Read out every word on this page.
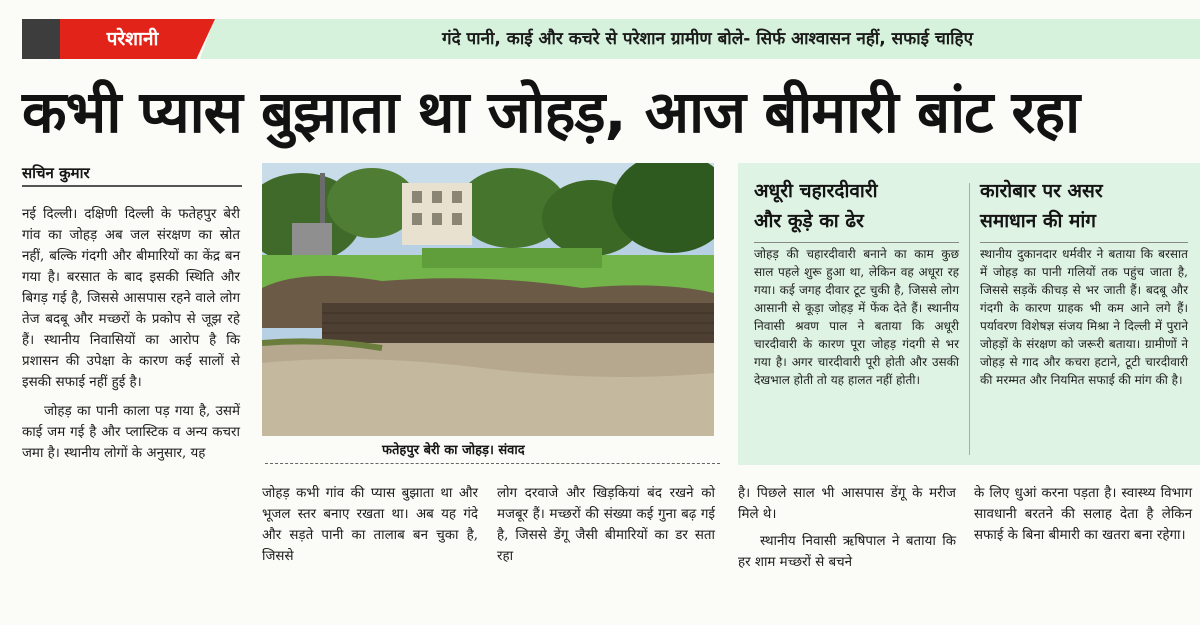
परेशानी	गंदे पानी, काई और कचरे से परेशान ग्रामीण बोले- सिर्फ आश्वासन नहीं, सफाई चाहिए
कभी प्यास बुझाता था जोहड़, आज बीमारी बांट रहा
सचिन कुमार

नई दिल्ली। दक्षिणी दिल्ली के फतेहपुर बेरी गांव का जोहड़ अब जल संरक्षण का स्रोत नहीं, बल्कि गंदगी और बीमारियों का केंद्र बन गया है। बरसात के बाद इसकी स्थिति और बिगड़ गई है, जिससे आसपास रहने वाले लोग तेज बदबू और मच्छरों के प्रकोप से जूझ रहे हैं। स्थानीय निवासियों का आरोप है कि प्रशासन की उपेक्षा के कारण कई सालों से इसकी सफाई नहीं हुई है।

जोहड़ का पानी काला पड़ गया है, उसमें काई जम गई है और प्लास्टिक व अन्य कचरा जमा है। स्थानीय लोगों के अनुसार, यह	फतेहपुर बेरी का जोहड़। संवाद

जोहड़ कभी गांव की प्यास बुझाता था और भूजल स्तर बनाए रखता था। अब यह गंदे और सड़ते पानी का तालाब बन चुका है, जिससे

लोग दरवाजे और खिड़कियां बंद रखने को मजबूर हैं। मच्छरों की संख्या कई गुना बढ़ गई है, जिससे डेंगू जैसी बीमारियों का डर सता रहा

है। पिछले साल भी आसपास डेंगू के मरीज मिले थे।

स्थानीय निवासी ऋषिपाल ने बताया कि हर शाम मच्छरों से बचने

के लिए धुआं करना पड़ता है। स्वास्थ्य विभाग सावधानी बरतने की सलाह देता है लेकिन सफाई के बिना बीमारी का खतरा बना रहेगा।

अधूरी चहारदीवारी
और कूड़े का ढेर
जोहड़ की चहारदीवारी बनाने का काम कुछ साल पहले शुरू हुआ था, लेकिन वह अधूरा रह गया। कई जगह दीवार टूट चुकी है, जिससे लोग आसानी से कूड़ा जोहड़ में फेंक देते हैं। स्थानीय निवासी श्रवण पाल ने बताया कि अधूरी चारदीवारी के कारण पूरा जोहड़ गंदगी से भर गया है। अगर चारदीवारी पूरी होती और उसकी देखभाल होती तो यह हालत नहीं होती।
कारोबार पर असर
समाधान की मांग
स्थानीय दुकानदार धर्मवीर ने बताया कि बरसात में जोहड़ का पानी गलियों तक पहुंच जाता है, जिससे सड़कें कीचड़ से भर जाती हैं। बदबू और गंदगी के कारण ग्राहक भी कम आने लगे हैं। पर्यावरण विशेषज्ञ संजय मिश्रा ने दिल्ली में पुराने जोहड़ों के संरक्षण को जरूरी बताया। ग्रामीणों ने जोहड़ से गाद और कचरा हटाने, टूटी चारदीवारी की मरम्मत और नियमित सफाई की मांग की है।
